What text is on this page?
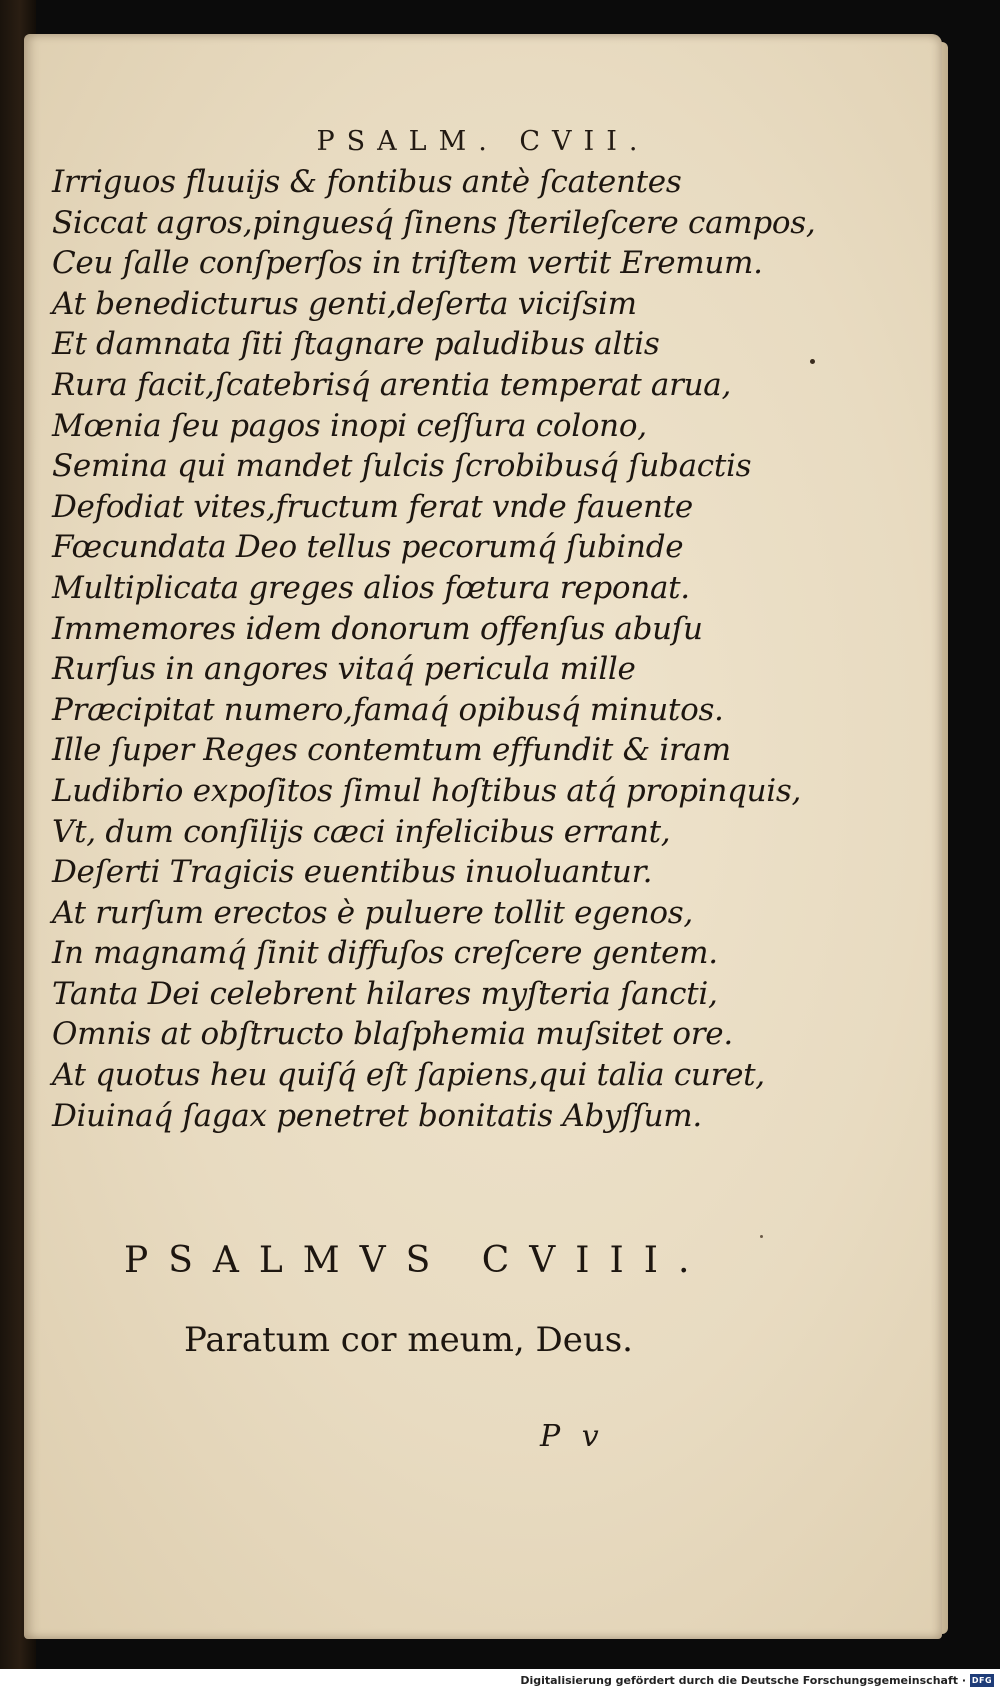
PSALM. CVII.
Irriguos fluuijs & fontibus antè ſcatentes
Siccat agros,pinguesq́ ſinens ſterileſcere campos,
Ceu ſalle conſperſos in triſtem vertit Eremum.
At benedicturus genti,deſerta viciſsim
Et damnata ſiti ſtagnare paludibus altis
Rura facit,ſcatebrisq́ arentia temperat arua,
Mœnia ſeu pagos inopi ceſſura colono,
Semina qui mandet ſulcis ſcrobibusq́ ſubactis
Defodiat vites,fructum ferat vnde fauente
Fœcundata Deo tellus pecorumq́ ſubinde
Multiplicata greges alios fœtura reponat.
Immemores idem donorum offenſus abuſu
Rurſus in angores vitaq́ pericula mille
Præcipitat numero,famaq́ opibusq́ minutos.
Ille ſuper Reges contemtum effundit & iram
Ludibrio expoſitos ſimul hoſtibus atq́ propinquis,
Vt, dum conſilijs cæci infelicibus errant,
Deſerti Tragicis euentibus inuoluantur.
At rurſum erectos è puluere tollit egenos,
In magnamq́ ſinit diffuſos creſcere gentem.
Tanta Dei celebrent hilares myſteria ſancti,
Omnis at obſtructo blaſphemia muſsitet ore.
At quotus heu quiſq́ eſt ſapiens,qui talia curet,
Diuinaq́ ſagax penetret bonitatis Abyſſum.
PSALMVS CVIII.
Paratum cor meum, Deus.
P v
Digitalisierung gefördert durch die Deutsche Forschungsgemeinschaft · DFG
